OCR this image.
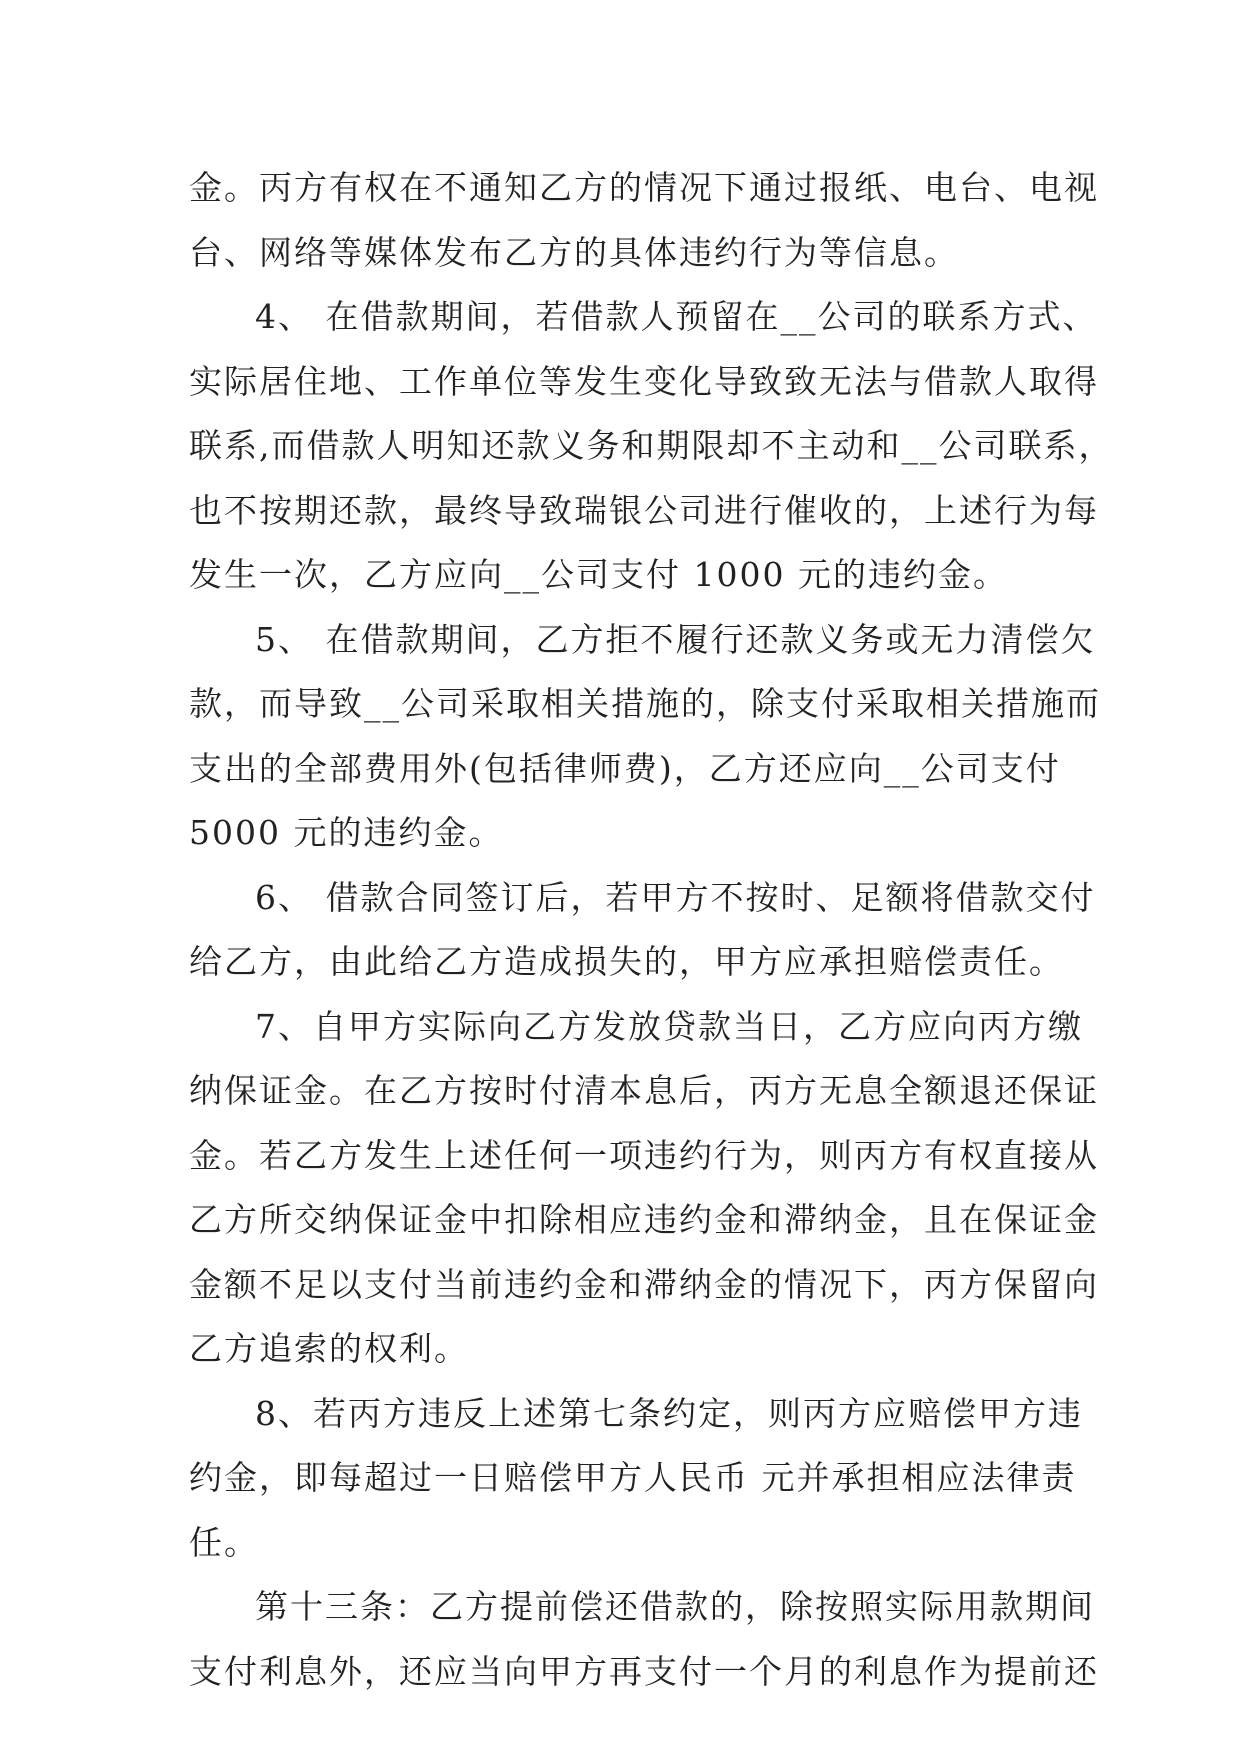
金。丙方有权在不通知乙方的情况下通过报纸、电台、电视
台、网络等媒体发布乙方的具体违约行为等信息。
4、 在借款期间，若借款人预留在__公司的联系方式、
实际居住地、工作单位等发生变化导致致无法与借款人取得
联系,而借款人明知还款义务和期限却不主动和__公司联系，
也不按期还款，最终导致瑞银公司进行催收的，上述行为每
发生一次，乙方应向__公司支付 1000 元的违约金。
5、 在借款期间，乙方拒不履行还款义务或无力清偿欠
款，而导致__公司采取相关措施的，除支付采取相关措施而
支出的全部费用外(包括律师费)，乙方还应向__公司支付
5000 元的违约金。
6、 借款合同签订后，若甲方不按时、足额将借款交付
给乙方，由此给乙方造成损失的，甲方应承担赔偿责任。
7、自甲方实际向乙方发放贷款当日，乙方应向丙方缴
纳保证金。在乙方按时付清本息后，丙方无息全额退还保证
金。若乙方发生上述任何一项违约行为，则丙方有权直接从
乙方所交纳保证金中扣除相应违约金和滞纳金，且在保证金
金额不足以支付当前违约金和滞纳金的情况下，丙方保留向
乙方追索的权利。
8、若丙方违反上述第七条约定，则丙方应赔偿甲方违
约金，即每超过一日赔偿甲方人民币 元并承担相应法律责
任。
第十三条：乙方提前偿还借款的，除按照实际用款期间
支付利息外，还应当向甲方再支付一个月的利息作为提前还
